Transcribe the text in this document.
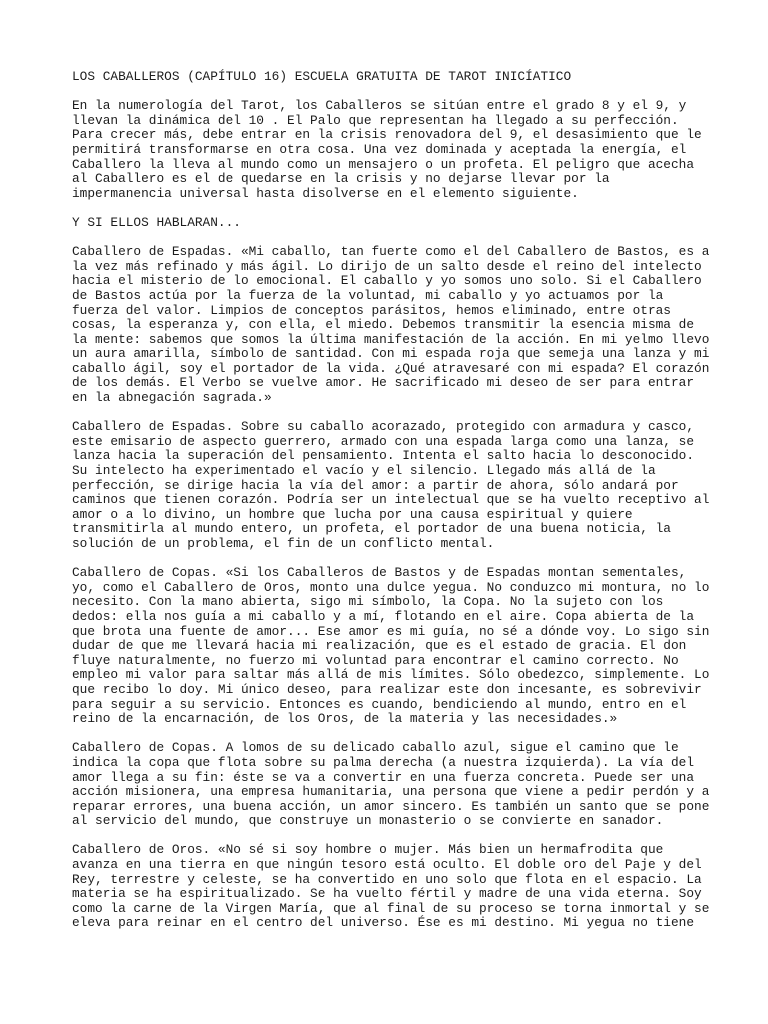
LOS CABALLEROS (CAPÍTULO 16) ESCUELA GRATUITA DE TAROT INICÍATICO

En la numerología del Tarot, los Caballeros se sitúan entre el grado 8 y el 9, y
llevan la dinámica del 10 . El Palo que representan ha llegado a su perfección.
Para crecer más, debe entrar en la crisis renovadora del 9, el desasimiento que le
permitirá transformarse en otra cosa. Una vez dominada y aceptada la energía, el
Caballero la lleva al mundo como un mensajero o un profeta. El peligro que acecha
al Caballero es el de quedarse en la crisis y no dejarse llevar por la
impermanencia universal hasta disolverse en el elemento siguiente.

Y SI ELLOS HABLARAN...

Caballero de Espadas. «Mi caballo, tan fuerte como el del Caballero de Bastos, es a
la vez más refinado y más ágil. Lo dirijo de un salto desde el reino del intelecto
hacia el misterio de lo emocional. El caballo y yo somos uno solo. Si el Caballero
de Bastos actúa por la fuerza de la voluntad, mi caballo y yo actuamos por la
fuerza del valor. Limpios de conceptos parásitos, hemos eliminado, entre otras
cosas, la esperanza y, con ella, el miedo. Debemos transmitir la esencia misma de
la mente: sabemos que somos la última manifestación de la acción. En mi yelmo llevo
un aura amarilla, símbolo de santidad. Con mi espada roja que semeja una lanza y mi
caballo ágil, soy el portador de la vida. ¿Qué atravesaré con mi espada? El corazón
de los demás. El Verbo se vuelve amor. He sacrificado mi deseo de ser para entrar
en la abnegación sagrada.»

Caballero de Espadas. Sobre su caballo acorazado, protegido con armadura y casco,
este emisario de aspecto guerrero, armado con una espada larga como una lanza, se
lanza hacia la superación del pensamiento. Intenta el salto hacia lo desconocido.
Su intelecto ha experimentado el vacío y el silencio. Llegado más allá de la
perfección, se dirige hacia la vía del amor: a partir de ahora, sólo andará por
caminos que tienen corazón. Podría ser un intelectual que se ha vuelto receptivo al
amor o a lo divino, un hombre que lucha por una causa espiritual y quiere
transmitirla al mundo entero, un profeta, el portador de una buena noticia, la
solución de un problema, el fin de un conflicto mental.

Caballero de Copas. «Si los Caballeros de Bastos y de Espadas montan sementales,
yo, como el Caballero de Oros, monto una dulce yegua. No conduzco mi montura, no lo
necesito. Con la mano abierta, sigo mi símbolo, la Copa. No la sujeto con los
dedos: ella nos guía a mi caballo y a mí, flotando en el aire. Copa abierta de la
que brota una fuente de amor... Ese amor es mi guía, no sé a dónde voy. Lo sigo sin
dudar de que me llevará hacia mi realización, que es el estado de gracia. El don
fluye naturalmente, no fuerzo mi voluntad para encontrar el camino correcto. No
empleo mi valor para saltar más allá de mis límites. Sólo obedezco, simplemente. Lo
que recibo lo doy. Mi único deseo, para realizar este don incesante, es sobrevivir
para seguir a su servicio. Entonces es cuando, bendiciendo al mundo, entro en el
reino de la encarnación, de los Oros, de la materia y las necesidades.»

Caballero de Copas. A lomos de su delicado caballo azul, sigue el camino que le
indica la copa que flota sobre su palma derecha (a nuestra izquierda). La vía del
amor llega a su fin: éste se va a convertir en una fuerza concreta. Puede ser una
acción misionera, una empresa humanitaria, una persona que viene a pedir perdón y a
reparar errores, una buena acción, un amor sincero. Es también un santo que se pone
al servicio del mundo, que construye un monasterio o se convierte en sanador.

Caballero de Oros. «No sé si soy hombre o mujer. Más bien un hermafrodita que
avanza en una tierra en que ningún tesoro está oculto. El doble oro del Paje y del
Rey, terrestre y celeste, se ha convertido en uno solo que flota en el espacio. La
materia se ha espiritualizado. Se ha vuelto fértil y madre de una vida eterna. Soy
como la carne de la Virgen María, que al final de su proceso se torna inmortal y se
eleva para reinar en el centro del universo. Ése es mi destino. Mi yegua no tiene
